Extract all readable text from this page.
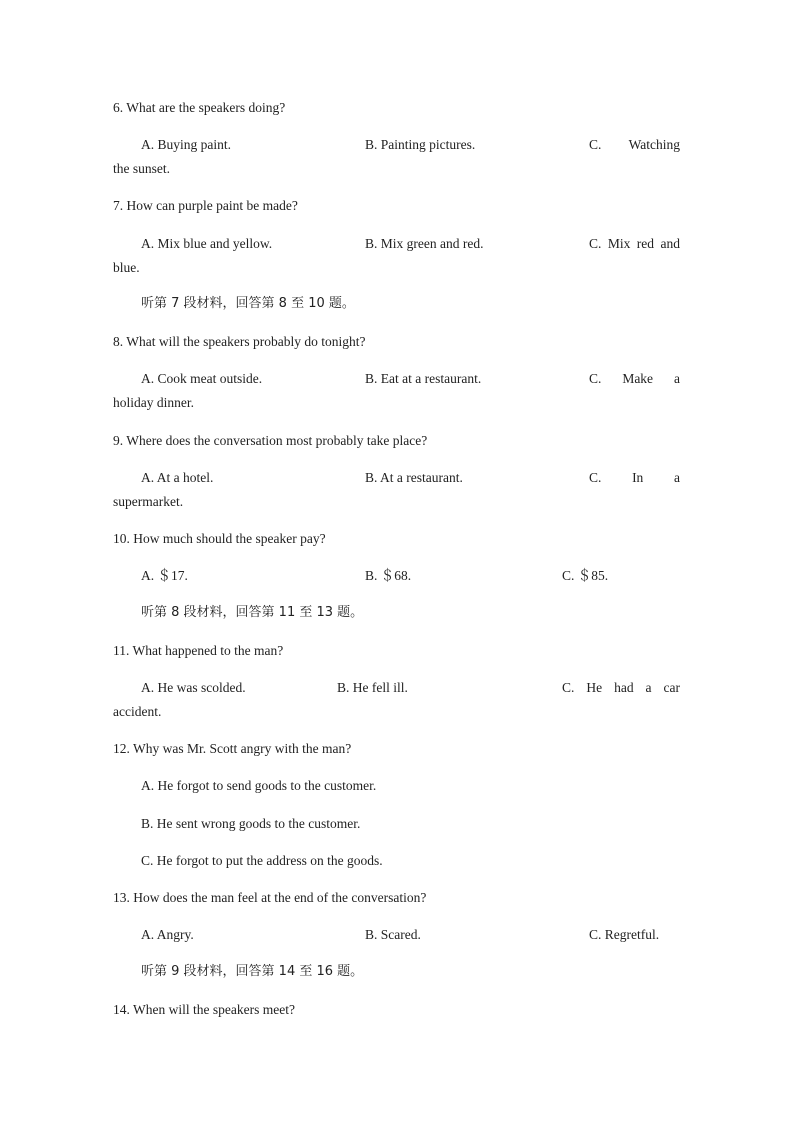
6. What are the speakers doing?
A. Buying paint.	B. Painting pictures.	C. Watching
the sunset.
7. How can purple paint be made?
A. Mix blue and yellow.	B. Mix green and red.	C. Mix red and
blue.
听第 7 段材料，回答第 8 至 10 题。
8. What will the speakers probably do tonight?
A. Cook meat outside.	B. Eat at a restaurant.	C. Make a
holiday dinner.
9. Where does the conversation most probably take place?
A. At a hotel.	B. At a restaurant.	C. In a
supermarket.
10. How much should the speaker pay?
A. ＄17.	B. ＄68.	C. ＄85.
听第 8 段材料，回答第 11 至 13 题。
11. What happened to the man?
A. He was scolded.	B. He fell ill.	C. He had a car
accident.
12. Why was Mr. Scott angry with the man?
A. He forgot to send goods to the customer.
B. He sent wrong goods to the customer.
C. He forgot to put the address on the goods.
13. How does the man feel at the end of the conversation?
A. Angry.	B. Scared.	C. Regretful.
听第 9 段材料，回答第 14 至 16 题。
14. When will the speakers meet?
